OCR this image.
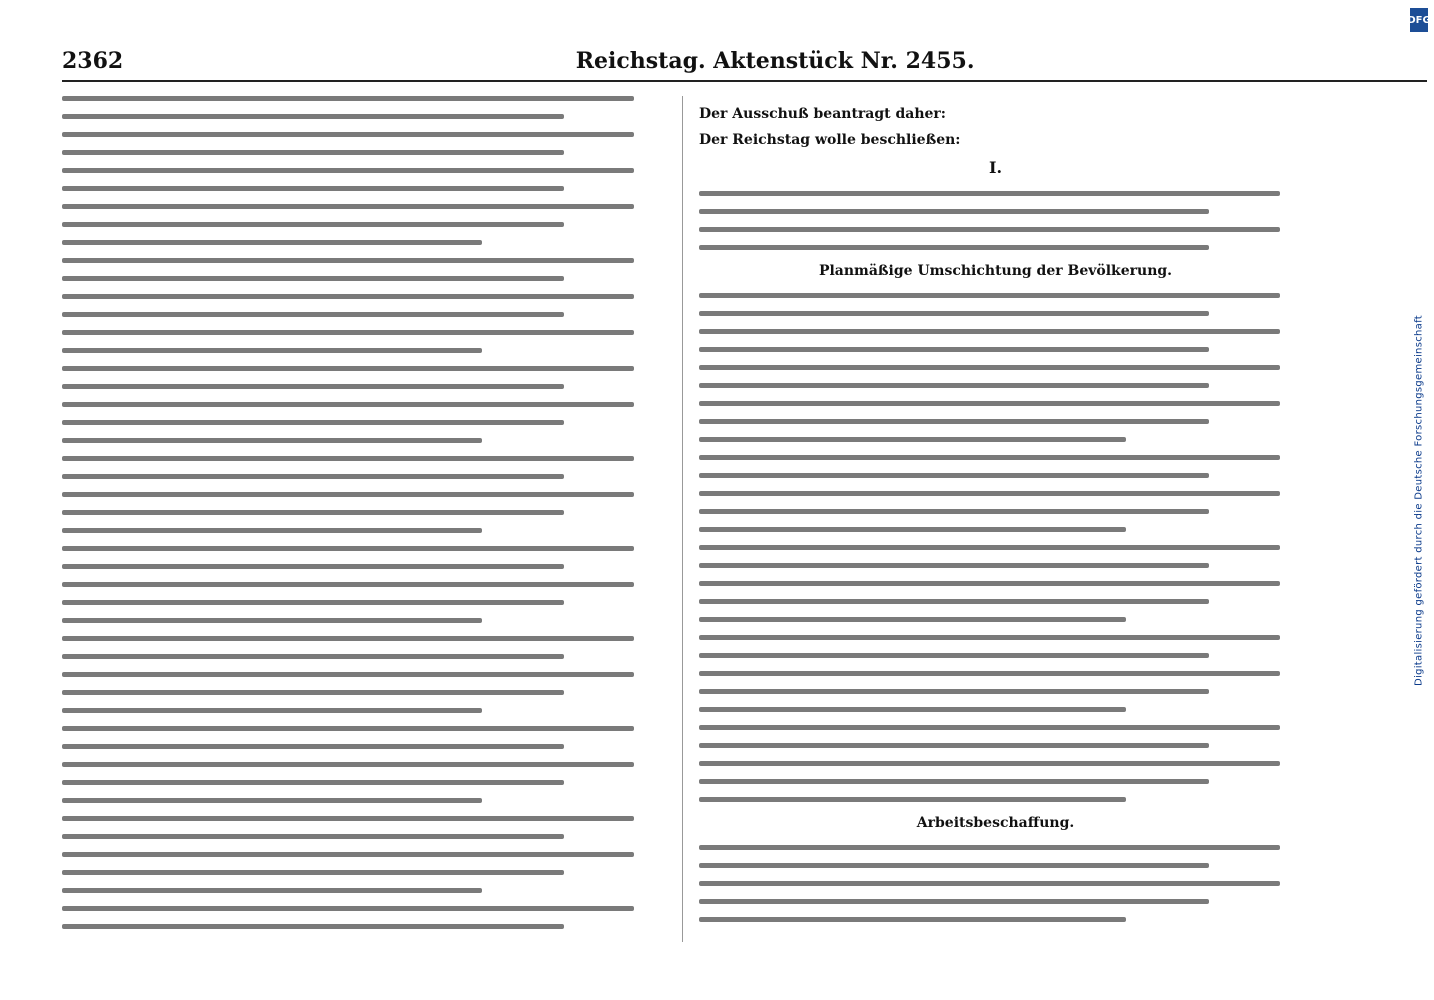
2362	Reichstag. Aktenstück Nr. 2455.
Der Ausschuß beantragt daher:
Der Reichstag wolle beschließen:
I.
Planmäßige Umschichtung der Bevölkerung.
Arbeitsbeschaffung.
DFG
Digitalisierung gefördert durch die Deutsche Forschungsgemeinschaft
